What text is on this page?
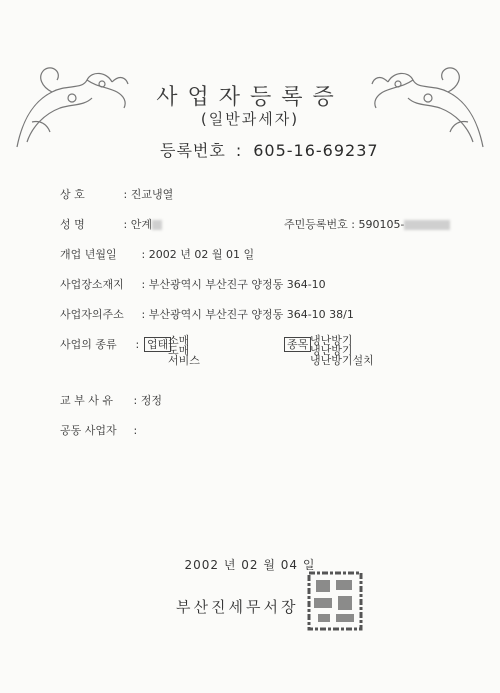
사업자등록증
(일반과세자)
등록번호 : 605-16-69237
상 호	: 진교냉열
성 명	: 안계	주민등록번호 : 590105-
개업 년월일 : 2002 년 02 월 01 일
사업장소재지 : 부산광역시 부산진구 양정동 364-10
사업자의주소 : 부산광역시 부산진구 양정동 364-10 38/1
사업의 종류 : 업태 소매
도매
서비스
종목 냉난방기
냉난방기
냉난방기설치
교 부 사 유 : 정정
공동 사업자 :
2002 년 02 월 04 일
부산진세무서장
